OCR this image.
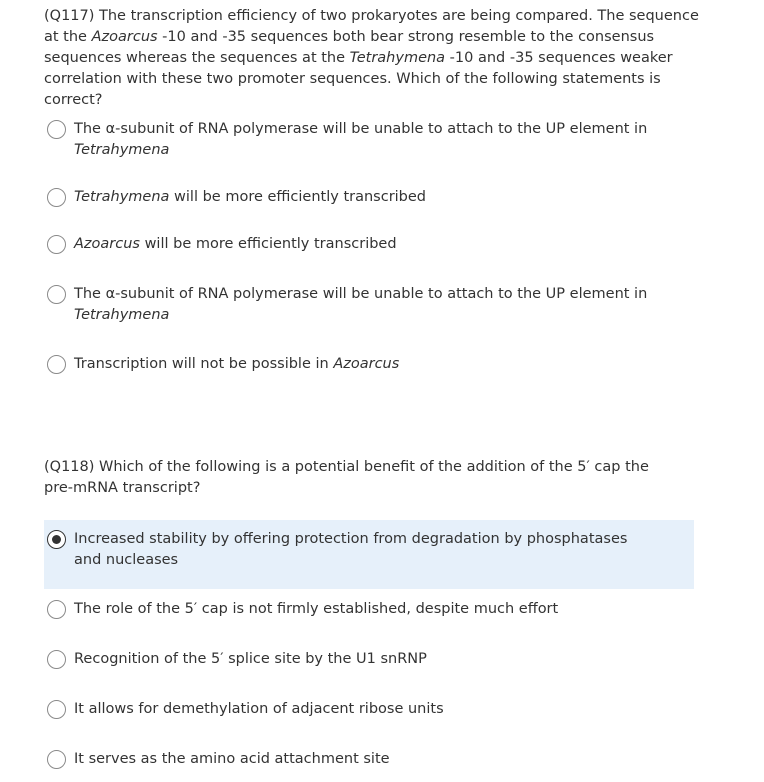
(Q117) The transcription efficiency of two prokaryotes are being compared. The sequence at the Azoarcus -10 and -35 sequences both bear strong resemble to the consensus sequences whereas the sequences at the Tetrahymena -10 and -35 sequences weaker correlation with these two promoter sequences. Which of the following statements is correct?

The α-subunit of RNA polymerase will be unable to attach to the UP element in
Tetrahymena
Tetrahymena will be more efficiently transcribed
Azoarcus will be more efficiently transcribed
The α-subunit of RNA polymerase will be unable to attach to the UP element in
Tetrahymena
Transcription will not be possible in Azoarcus

(Q118) Which of the following is a potential benefit of the addition of the 5′ cap the pre-mRNA transcript?

Increased stability by offering protection from degradation by phosphatases and nucleases
The role of the 5′ cap is not firmly established, despite much effort
Recognition of the 5′ splice site by the U1 snRNP
It allows for demethylation of adjacent ribose units
It serves as the amino acid attachment site
